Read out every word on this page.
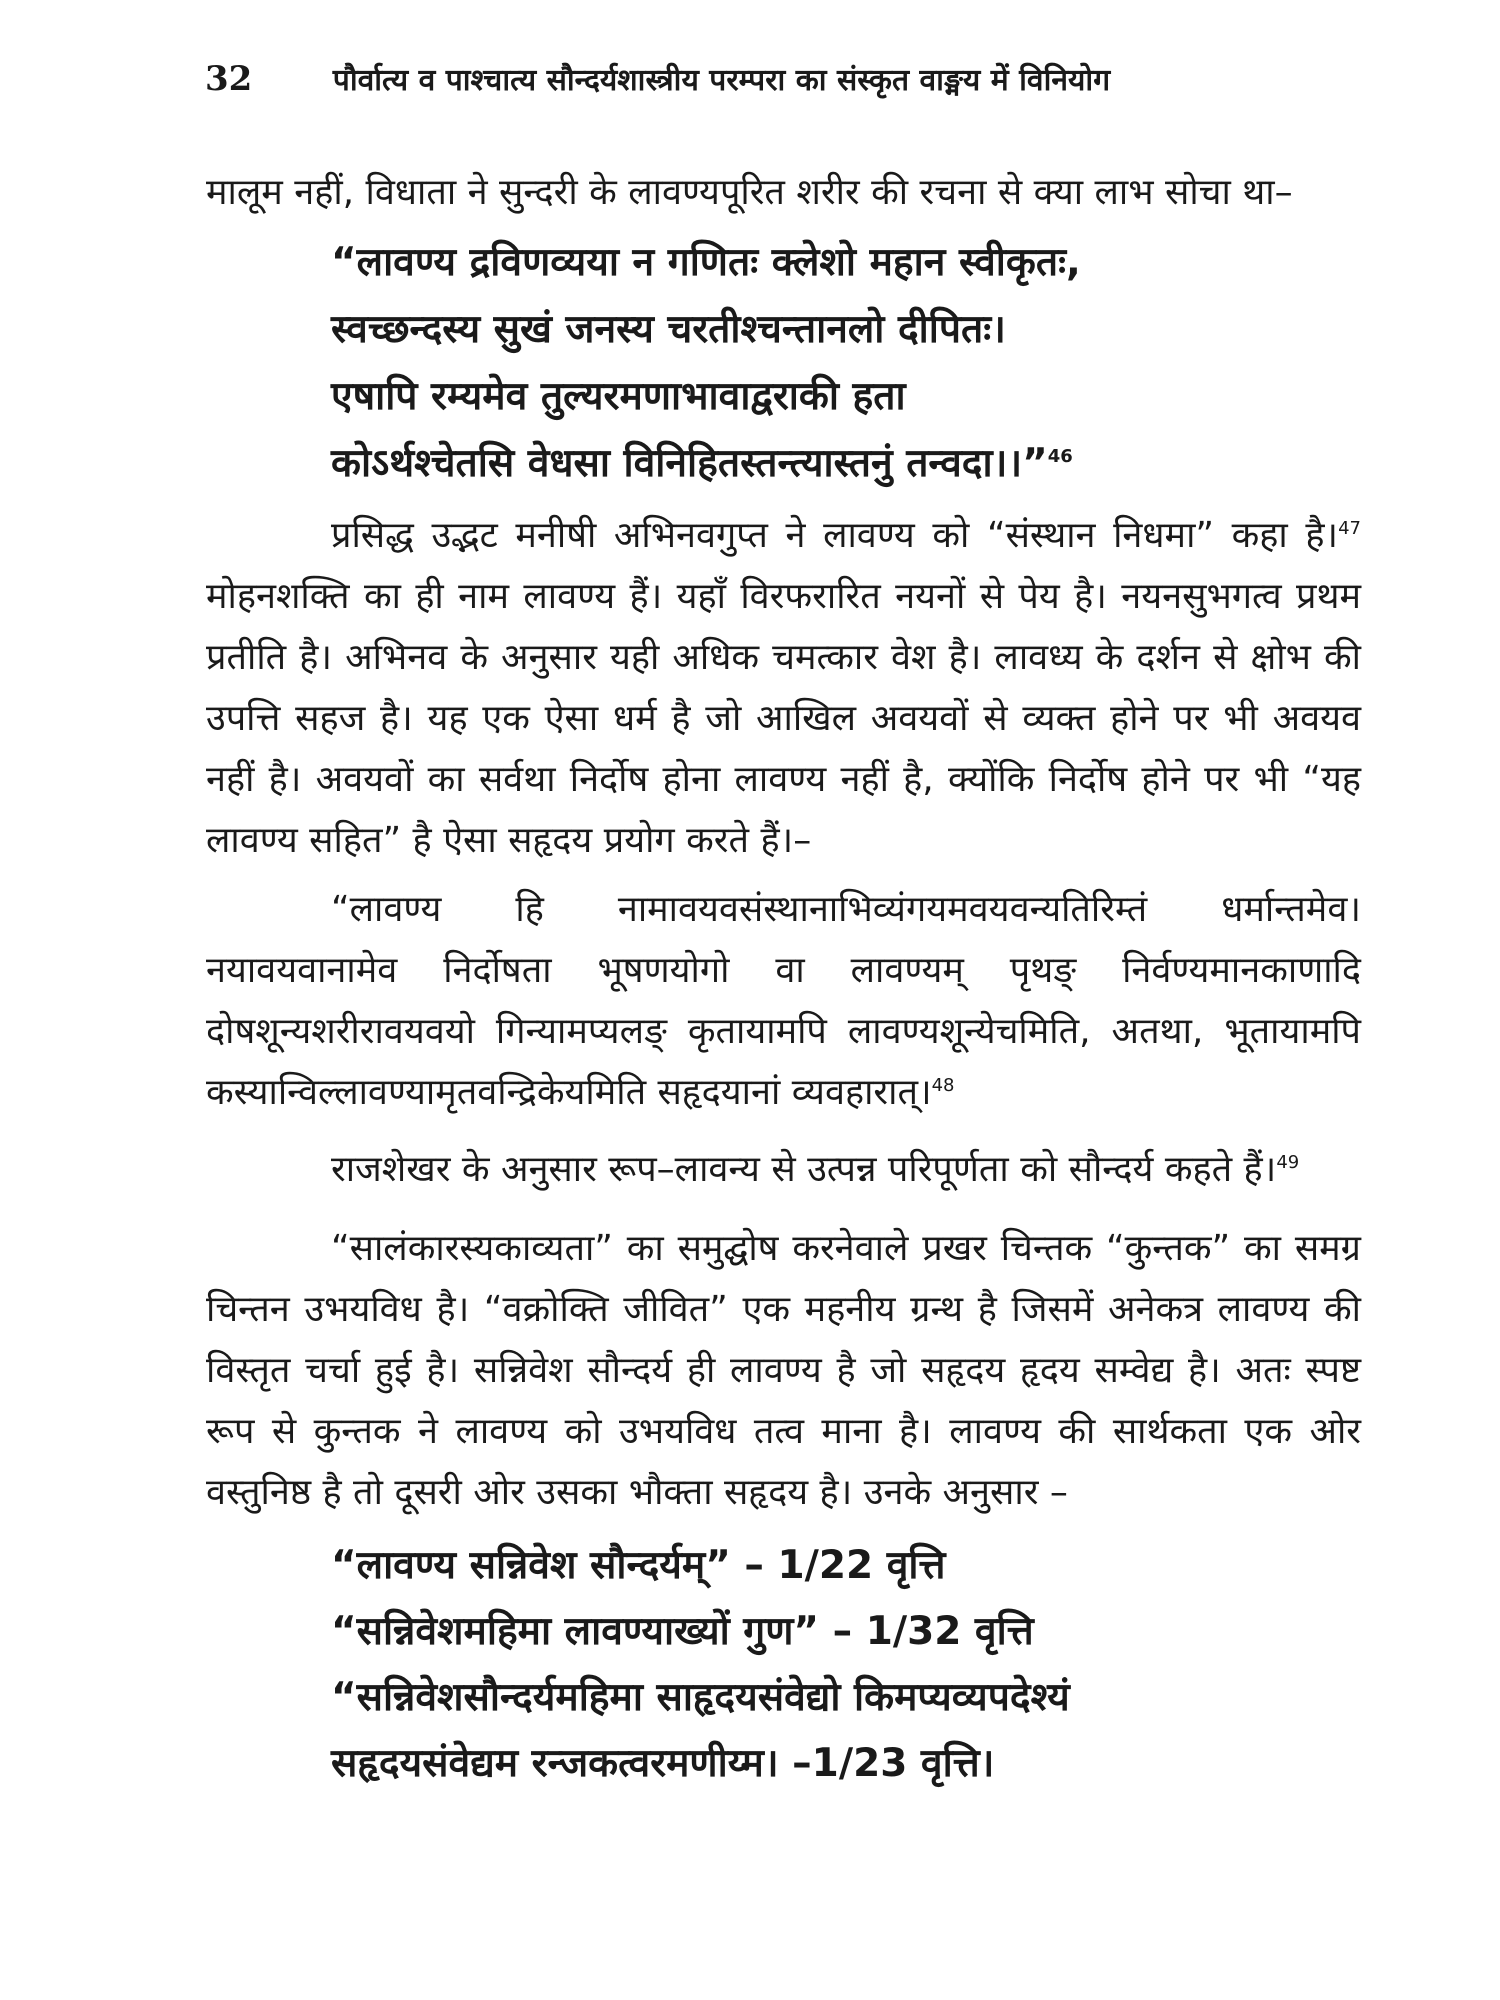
32	पौर्वात्य व पाश्चात्य सौन्दर्यशास्त्रीय परम्परा का संस्कृत वाङ्मय में विनियोग

मालूम नहीं, विधाता ने सुन्दरी के लावण्यपूरित शरीर की रचना से क्या लाभ सोचा था–

“लावण्य द्रविणव्यया न गणितः क्लेशो महान स्वीकृतः,
स्वच्छन्दस्य सुखं जनस्य चरतीश्चन्तानलो दीपितः।
एषापि रम्यमेव तुल्यरमणाभावाद्वराकी हता
कोऽर्थश्चेतसि वेधसा विनिहितस्तन्त्यास्तनुं तन्वदा।।”$^{46}$

प्रसिद्ध उद्भट मनीषी अभिनवगुप्त ने लावण्य को “संस्थान निधमा” कहा है।$^{47}$ मोहनशक्ति का ही नाम लावण्य हैं। यहाँ विरफरारित नयनों से पेय है। नयनसुभगत्व प्रथम प्रतीति है। अभिनव के अनुसार यही अधिक चमत्कार वेश है। लावध्य के दर्शन से क्षोभ की उपत्ति सहज है। यह एक ऐसा धर्म है जो आखिल अवयवों से व्यक्त होने पर भी अवयव नहीं है। अवयवों का सर्वथा निर्दोष होना लावण्य नहीं है, क्योंकि निर्दोष होने पर भी “यह लावण्य सहित” है ऐसा सहृदय प्रयोग करते हैं।–

“लावण्य हि नामावयवसंस्थानाभिव्यंगयमवयवन्यतिरिम्तं धर्मान्तमेव। नयावयवानामेव निर्दोषता भूषणयोगो वा लावण्यम् पृथङ् निर्वण्यमानकाणादि दोषशून्यशरीरावयवयो गिन्यामप्यलङ् कृतायामपि लावण्यशून्येचमिति, अतथा, भूतायामपि कस्यान्विल्लावण्यामृतवन्द्रिकेयमिति सहृदयानां व्यवहारात्।$^{48}$

राजशेखर के अनुसार रूप–लावन्य से उत्पन्न परिपूर्णता को सौन्दर्य कहते हैं।$^{49}$

“सालंकारस्यकाव्यता” का समुद्घोष करनेवाले प्रखर चिन्तक “कुन्तक” का समग्र चिन्तन उभयविध है। “वक्रोक्ति जीवित” एक महनीय ग्रन्थ है जिसमें अनेकत्र लावण्य की विस्तृत चर्चा हुई है। सन्निवेश सौन्दर्य ही लावण्य है जो सहृदय हृदय सम्वेद्य है। अतः स्पष्ट रूप से कुन्तक ने लावण्य को उभयविध तत्व माना है। लावण्य की सार्थकता एक ओर वस्तुनिष्ठ है तो दूसरी ओर उसका भौक्ता सहृदय है। उनके अनुसार –

“लावण्य सन्निवेश सौन्दर्यम्” – 1/22 वृत्ति
“सन्निवेशमहिमा लावण्याख्यों गुण” – 1/32 वृत्ति
“सन्निवेशसौन्दर्यमहिमा साहृदयसंवेद्यो किमप्यव्यपदेश्यं
सहृदयसंवेद्यम रन्जकत्वरमणीय्म। –1/23 वृत्ति।
